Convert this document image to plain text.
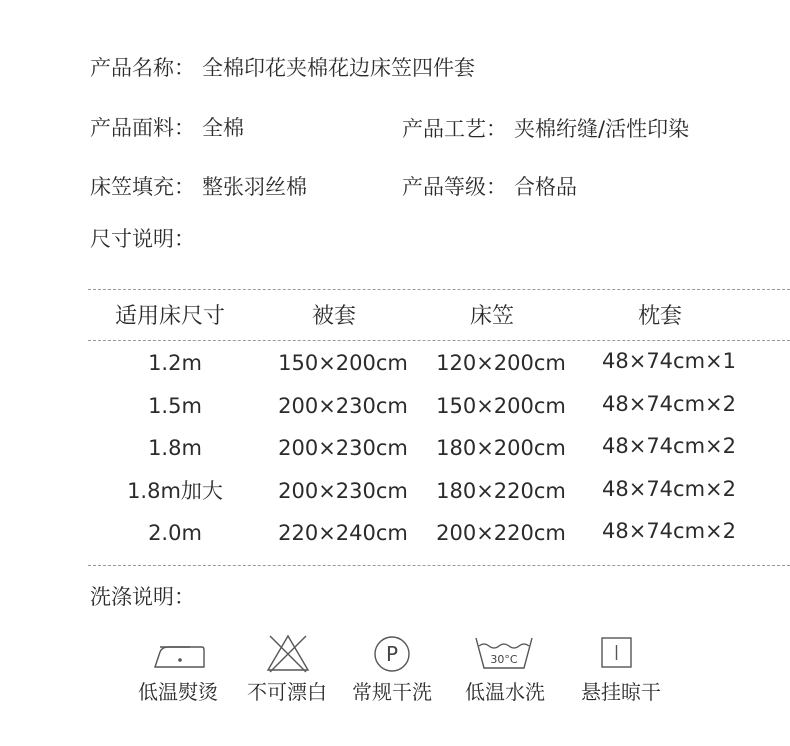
产品名称： 全棉印花夹棉花边床笠四件套
产品面料： 全棉	产品工艺： 夹棉绗缝/活性印染
床笠填充： 整张羽丝棉	产品等级： 合格品
尺寸说明：
适用床尺寸	被套	床笠	枕套
1.2m	150×200cm 120×200cm 48×74cm×1
1.5m	200×230cm 150×200cm 48×74cm×2
1.8m	200×230cm 180×200cm 48×74cm×2
1.8m加大	200×230cm 180×220cm 48×74cm×2
2.0m	220×240cm 200×220cm 48×74cm×2
洗涤说明：
P	30°C
低温熨烫 不可漂白 常规干洗 低温水洗 悬挂晾干
